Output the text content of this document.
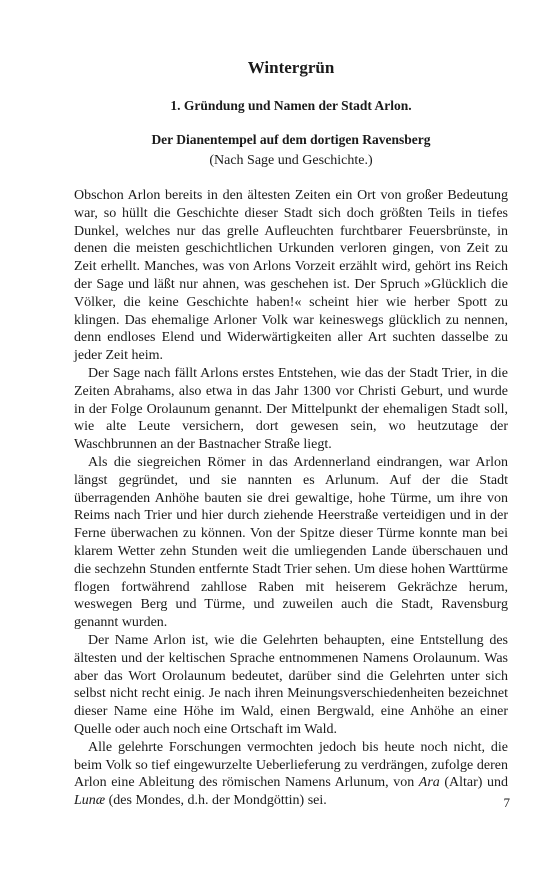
Wintergrün
1. Gründung und Namen der Stadt Arlon.
Der Dianentempel auf dem dortigen Ravensberg

(Nach Sage und Geschichte.)

Obschon Arlon bereits in den ältesten Zeiten ein Ort von großer Bedeutung war, so hüllt die Geschichte dieser Stadt sich doch größten Teils in tiefes Dunkel, welches nur das grelle Aufleuchten furchtbarer Feuersbrünste, in denen die meisten geschichtlichen Urkunden verloren gingen, von Zeit zu Zeit erhellt. Manches, was von Arlons Vorzeit erzählt wird, gehört ins Reich der Sage und läßt nur ahnen, was geschehen ist. Der Spruch »Glücklich die Völker, die keine Geschichte haben!« scheint hier wie herber Spott zu klingen. Das ehemalige Arloner Volk war keineswegs glücklich zu nennen, denn endloses Elend und Widerwärtigkeiten aller Art suchten dasselbe zu jeder Zeit heim.

Der Sage nach fällt Arlons erstes Entstehen, wie das der Stadt Trier, in die Zeiten Abrahams, also etwa in das Jahr 1300 vor Christi Geburt, und wurde in der Folge Orolaunum genannt. Der Mittelpunkt der ehemaligen Stadt soll, wie alte Leute versichern, dort gewesen sein, wo heutzutage der Waschbrunnen an der Bastnacher Straße liegt.

Als die siegreichen Römer in das Ardennerland eindrangen, war Arlon längst gegründet, und sie nannten es Arlunum. Auf der die Stadt überragenden Anhöhe bauten sie drei gewaltige, hohe Türme, um ihre von Reims nach Trier und hier durch ziehende Heerstraße verteidigen und in der Ferne überwachen zu können. Von der Spitze dieser Türme konnte man bei klarem Wetter zehn Stunden weit die umliegenden Lande überschauen und die sechzehn Stunden entfernte Stadt Trier sehen. Um diese hohen Warttürme flogen fortwährend zahllose Raben mit heiserem Gekrächze herum, weswegen Berg und Türme, und zuweilen auch die Stadt, Ravensburg genannt wurden.

Der Name Arlon ist, wie die Gelehrten behaupten, eine Entstellung des ältesten und der keltischen Sprache entnommenen Namens Orolaunum. Was aber das Wort Orolaunum bedeutet, darüber sind die Gelehrten unter sich selbst nicht recht einig. Je nach ihren Meinungsverschiedenheiten bezeichnet dieser Name eine Höhe im Wald, einen Bergwald, eine Anhöhe an einer Quelle oder auch noch eine Ortschaft im Wald.

Alle gelehrte Forschungen vermochten jedoch bis heute noch nicht, die beim Volk so tief eingewurzelte Ueberlieferung zu verdrängen, zufolge deren Arlon eine Ableitung des römischen Namens Arlunum, von Ara (Altar) und Lunæ (des Mondes, d.h. der Mondgöttin) sei.	7
